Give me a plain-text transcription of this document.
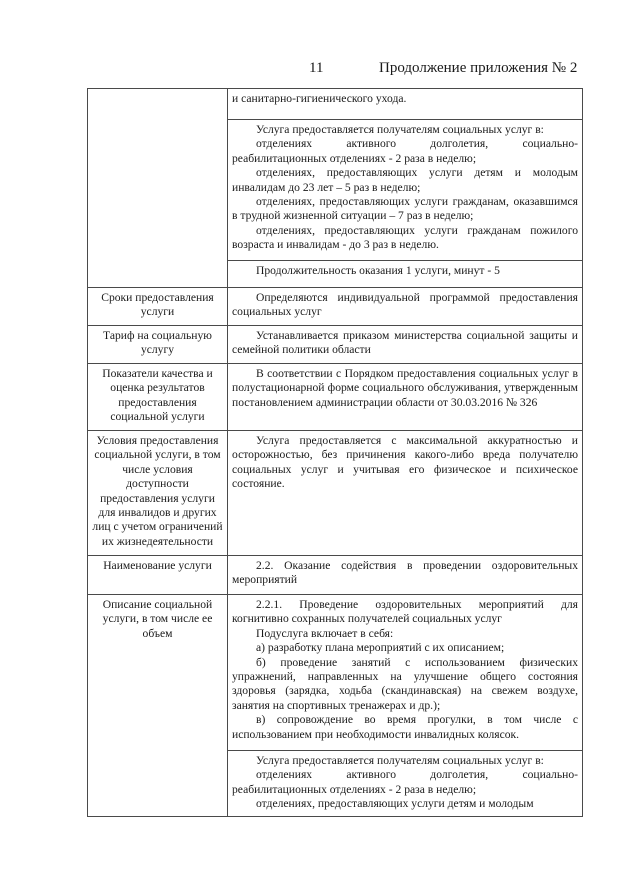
11	Продолжение приложения № 2

	и санитарно-гигиенического ухода.

	Услуга предоставляется получателям социальных услуг в:

отделениях активного долголетия, социально-реабилитационных отделениях - 2 раза в неделю;

отделениях, предоставляющих услуги детям и молодым инвалидам до 23 лет – 5 раз в неделю;

отделениях, предоставляющих услуги гражданам, оказавшимся в трудной жизненной ситуации – 7 раз в неделю;

отделениях, предоставляющих услуги гражданам пожилого возраста и инвалидам - до 3 раз в неделю.

	Продолжительность оказания 1 услуги, минут - 5

Сроки предоставления услуги	Определяются индивидуальной программой предоставления социальных услуг

Тариф на социальную услугу	Устанавливается приказом министерства социальной защиты и семейной политики области

Показатели качества и оценка результатов предоставления социальной услуги	В соответствии с Порядком предоставления социальных услуг в полустационарной форме социального обслуживания, утвержденным постановлением администрации области от 30.03.2016 № 326

Условия предоставления социальной услуги, в том числе условия доступности предоставления услуги для инвалидов и других лиц с учетом ограничений их жизнедеятельности	Услуга предоставляется с максимальной аккуратностью и осторожностью, без причинения какого-либо вреда получателю социальных услуг и учитывая его физическое и психическое состояние.

Наименование услуги	2.2. Оказание содействия в проведении оздоровительных мероприятий

Описание социальной услуги, в том числе ее объем	2.2.1. Проведение оздоровительных мероприятий для когнитивно сохранных получателей социальных услуг

Подуслуга включает в себя:

а) разработку плана мероприятий с их описанием;

б) проведение занятий с использованием физических упражнений, направленных на улучшение общего состояния здоровья (зарядка, ходьба (скандинавская) на свежем воздухе, занятия на спортивных тренажерах и др.);

в) сопровождение во время прогулки, в том числе с использованием при необходимости инвалидных колясок.

	Услуга предоставляется получателям социальных услуг в:

отделениях активного долголетия, социально-реабилитационных отделениях - 2 раза в неделю;

отделениях, предоставляющих услуги детям и молодым
